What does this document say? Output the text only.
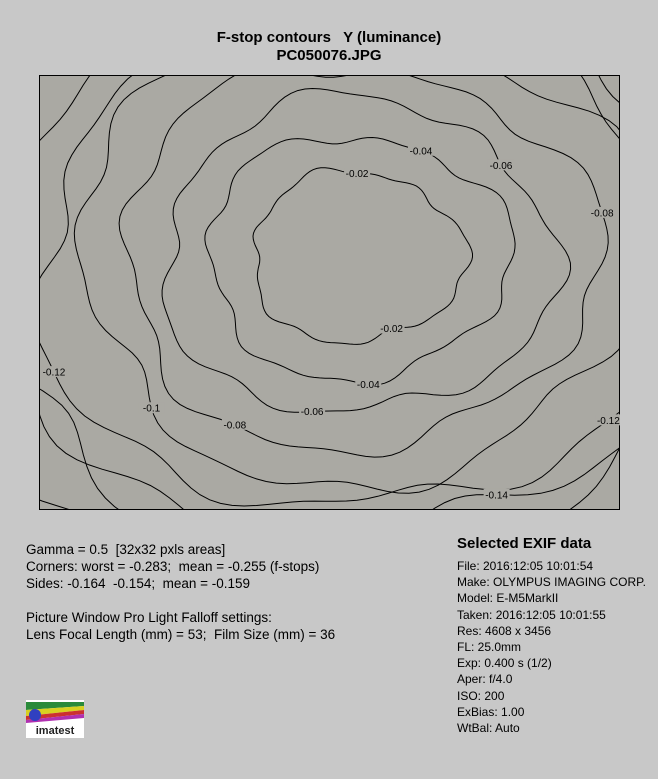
F-stop contours   Y (luminance)
PC050076.JPG
-0.02
-0.02
-0.04
-0.04
-0.06
-0.06
-0.08
-0.08
-0.1
-0.12
-0.12
-0.14
Gamma = 0.5  [32x32 pxls areas]
Corners: worst = -0.283;  mean = -0.255 (f-stops)
Sides: -0.164  -0.154;  mean = -0.159
Picture Window Pro Light Falloff settings:
Lens Focal Length (mm) = 53;  Film Size (mm) = 36
Selected EXIF data
File: 2016:12:05 10:01:54
Make: OLYMPUS IMAGING CORP.
Model: E-M5MarkII
Taken: 2016:12:05 10:01:55
Res: 4608 x 3456
FL: 25.0mm
Exp: 0.400 s (1/2)
Aper: f/4.0
ISO: 200
ExBias: 1.00
WtBal: Auto
imatest
